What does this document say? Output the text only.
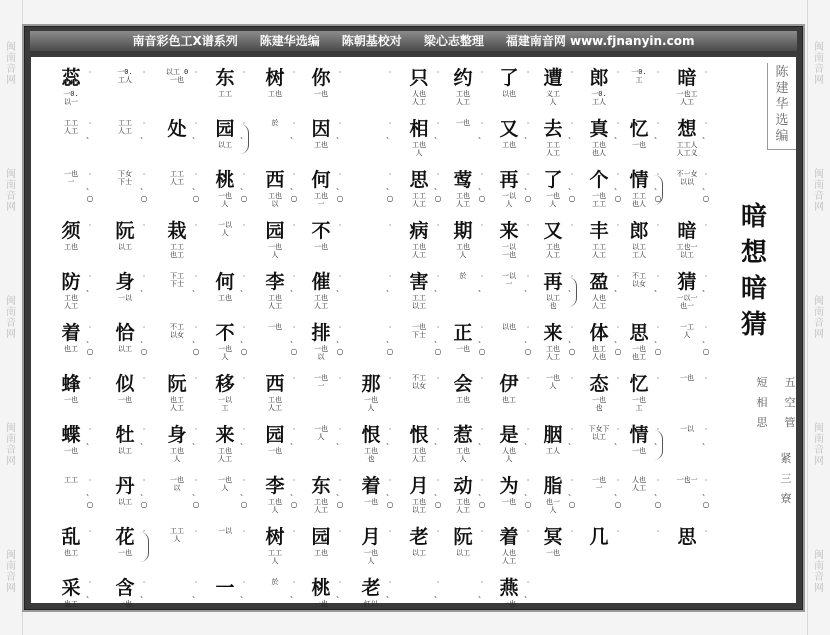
闽
南
音
网
闽
南
音
网
闽
南
音
网
闽
南
音
网
闽
南
音
网
闽
南
音
网
闽
南
音
网
闽
南
音
网
闽
南
音
网
闽
南
音
网
南音彩色工X谱系列 陈建华选编 陈朝基校对 梁心志整理 福建南音网 www.fjnanyin.com
陈
建
华
选
编
暗
想
暗
猜
短
相
思
五
空
管
紧
三
寮
暗
一也工
人工
·
想
工工人
人工义
·
、
不一女
以以
·
、
○
暗
工也一
以工
·
猜
一以一
也一
·
、
一工
人
·
、
○
一也 ·
一以 ·
、
一也一 ·
、
○
思 ·
一0.
工
·
忆
一也
·
、
情
工工
也人
·
、
○
郎
以工
工人
·
不工
以女
·
、
思
一也
也工
·
、
○
忆
一也
工
·
情
一也
·
、
人也
人工
·
、
○
·
郎
一0.
工人
·
真
工也
也人
·
、
个
一也
工工
·
、
○
丰
工工
人工
·
盈
人也
人工
·
、
体
也工
人也
·
、
○
态
一也
也
·
下女下
以工
·
、
一也
一
·
、
○
几 ·
遭
义工
人
·
去
工工
人工
·
、
了
一也
人
·
、
○
又
工也
人工
·
再
以工
也
·
、
来
工也
人工
·
、
○
一也
人
·
胭
工人
·
、
脂
也一
人
·
、
○
冥
一也
·
了
以也
·
又
工也
·
、
再
一以
人
·
、
○
来
一以
一也
·
一以
一
·
、
以也 ·
、
○
伊
也工
·
是
人也
人
·
、
为
一也
·
、
○
着
人也
人工
·
燕
一也
·
、
约
工也
人工
·
一也 ·
、
莺
工也
人工
·
、
○
期
工也
人
·
於 ·
、
正
一也
·
、
○
会
工也
·
惹
工也
人
·
、
动
工也
人工
·
、
○
阮
以工
·
·
、
只
人也
人工
·
相
工也
人
·
、
思
工工
人工
·
、
○
病
工也
人工
·
害
工工
以工
·
、
一也
下士
·
、
○
不工
以女
·
恨
工也
人工
·
、
月
工也
以工
·
、
○
老
以工
·
·
、
·
·
、
·
、
○
·
·
、
·
、
○
那
一也
人
·
恨
工也
也
·
、
着
一也
·
、
○
月
一也
人
·
老
红以
·
、
你
一也
·
因
工也
·
、
何
工也
一
·
、
○
不
一也
·
催
工也
人工
·
、
排
一也
以
·
、
○
一也
一
·
一也
人
·
、
东
工也
人工
·
、
○
园
工也
·
桃
一也
·
、
树
工也
·
於 ·
、
西
工也
以
·
、
○
园
一也
人
·
李
工也
人工
·
、
一也 ·
、
○
西
工也
人工
·
园
一也
·
、
李
工也
人
·
、
○
树
工工
人
·
於 ·
、
东
工工
·
园
以工
·
、
桃
一也
人
·
、
○
一以
人
·
何
工也
·
、
不
一也
人
·
、
○
移
一以
工
·
来
工也
人工
·
、
一也
人
·
、
○
一以 ·
一 ·
、
以工 0
一也
·
处 ·
、
工工
人工
·
、
○
栽
工工
也工
·
下工
下士
·
、
不工
以女
·
、
○
阮
也工
人工
·
身
工也
人
·
、
一也
以
·
、
○
工工
人
·
·
、
一0.
工人
·
工工
人工
·
、
下女
下士
·
、
○
阮
以工
·
身
一以
·
、
恰
以工
·
、
○
似
一也
·
牡
以工
·
、
丹
以工
·
、
○
花
一也
·
含
一也
·
、
蕊
一0.
以一
·
工工
人工
·
、
一也
一
·
、
○
须
工也
·
防
工也
人工
·
、
着
也工
·
、
○
蜂
一也
·
蝶
一也
·
、
工工 ·
、
○
乱
也工
·
采
也工
·
、
